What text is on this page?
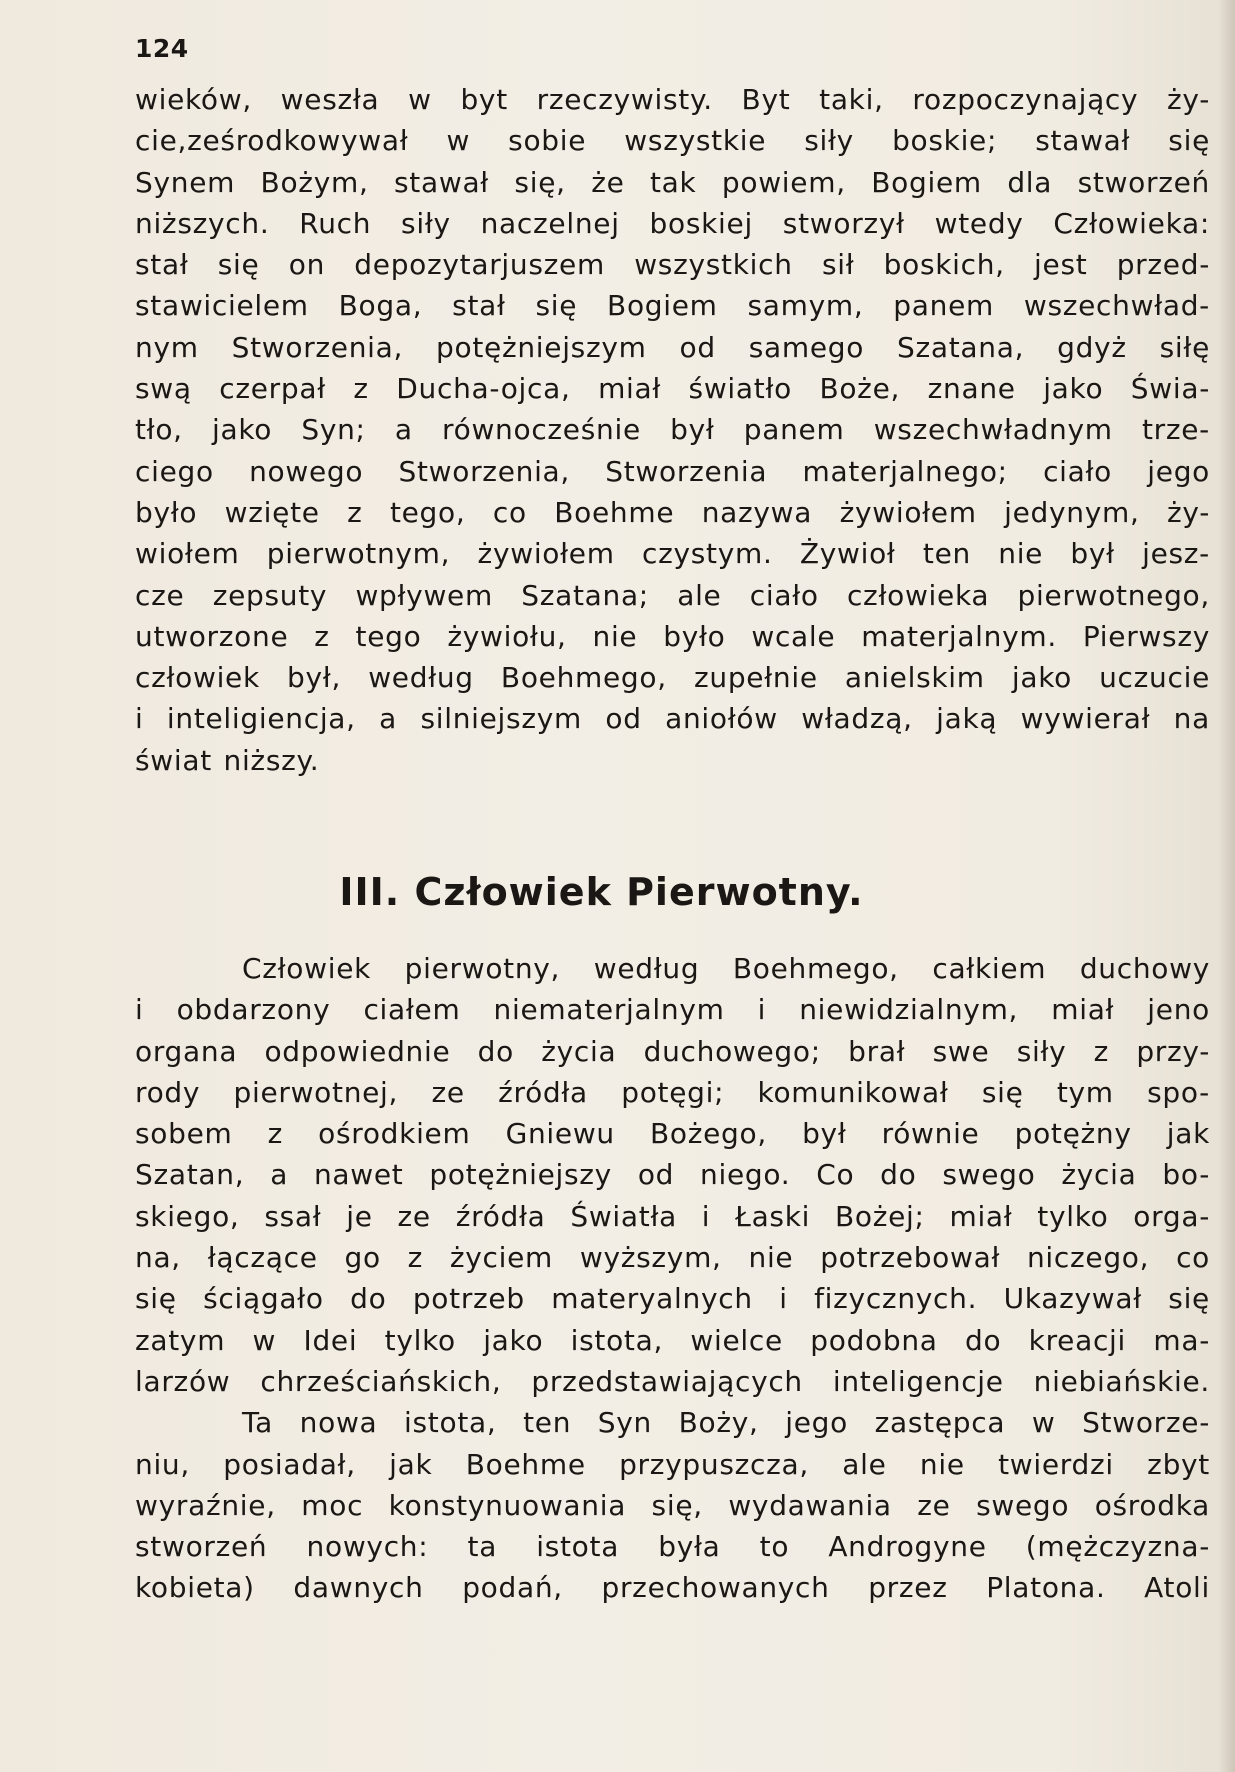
124

wieków, weszła w byt rzeczywisty. Byt taki, rozpoczynający ży-
cie,ześrodkowywał w sobie wszystkie siły boskie; stawał się
Synem Bożym, stawał się, że tak powiem, Bogiem dla stworzeń
niższych. Ruch siły naczelnej boskiej stworzył wtedy Człowieka:
stał się on depozytarjuszem wszystkich sił boskich, jest przed-
stawicielem Boga, stał się Bogiem samym, panem wszechwład-
nym Stworzenia, potężniejszym od samego Szatana, gdyż siłę
swą czerpał z Ducha-ojca, miał światło Boże, znane jako Świa-
tło, jako Syn; a równocześnie był panem wszechwładnym trze-
ciego nowego Stworzenia, Stworzenia materjalnego; ciało jego
było wzięte z tego, co Boehme nazywa żywiołem jedynym, ży-
wiołem pierwotnym, żywiołem czystym. Żywioł ten nie był jesz-
cze zepsuty wpływem Szatana; ale ciało człowieka pierwotnego,
utworzone z tego żywiołu, nie było wcale materjalnym. Pierwszy
człowiek był, według Boehmego, zupełnie anielskim jako uczucie
i inteligiencja, a silniejszym od aniołów władzą, jaką wywierał na
świat niższy.
III. Człowiek Pierwotny.
Człowiek pierwotny, według Boehmego, całkiem duchowy
i obdarzony ciałem niematerjalnym i niewidzialnym, miał jeno
organa odpowiednie do życia duchowego; brał swe siły z przy-
rody pierwotnej, ze źródła potęgi; komunikował się tym spo-
sobem z ośrodkiem Gniewu Bożego, był równie potężny jak
Szatan, a nawet potężniejszy od niego. Co do swego życia bo-
skiego, ssał je ze źródła Światła i Łaski Bożej; miał tylko orga-
na, łączące go z życiem wyższym, nie potrzebował niczego, co
się ściągało do potrzeb materyalnych i fizycznych. Ukazywał się
zatym w Idei tylko jako istota, wielce podobna do kreacji ma-
larzów chrześciańskich, przedstawiających inteligencje niebiańskie.
Ta nowa istota, ten Syn Boży, jego zastępca w Stworze-
niu, posiadał, jak Boehme przypuszcza, ale nie twierdzi zbyt
wyraźnie, moc konstynuowania się, wydawania ze swego ośrodka
stworzeń nowych: ta istota była to Androgyne (mężczyzna-
kobieta) dawnych podań, przechowanych przez Platona. Atoli
